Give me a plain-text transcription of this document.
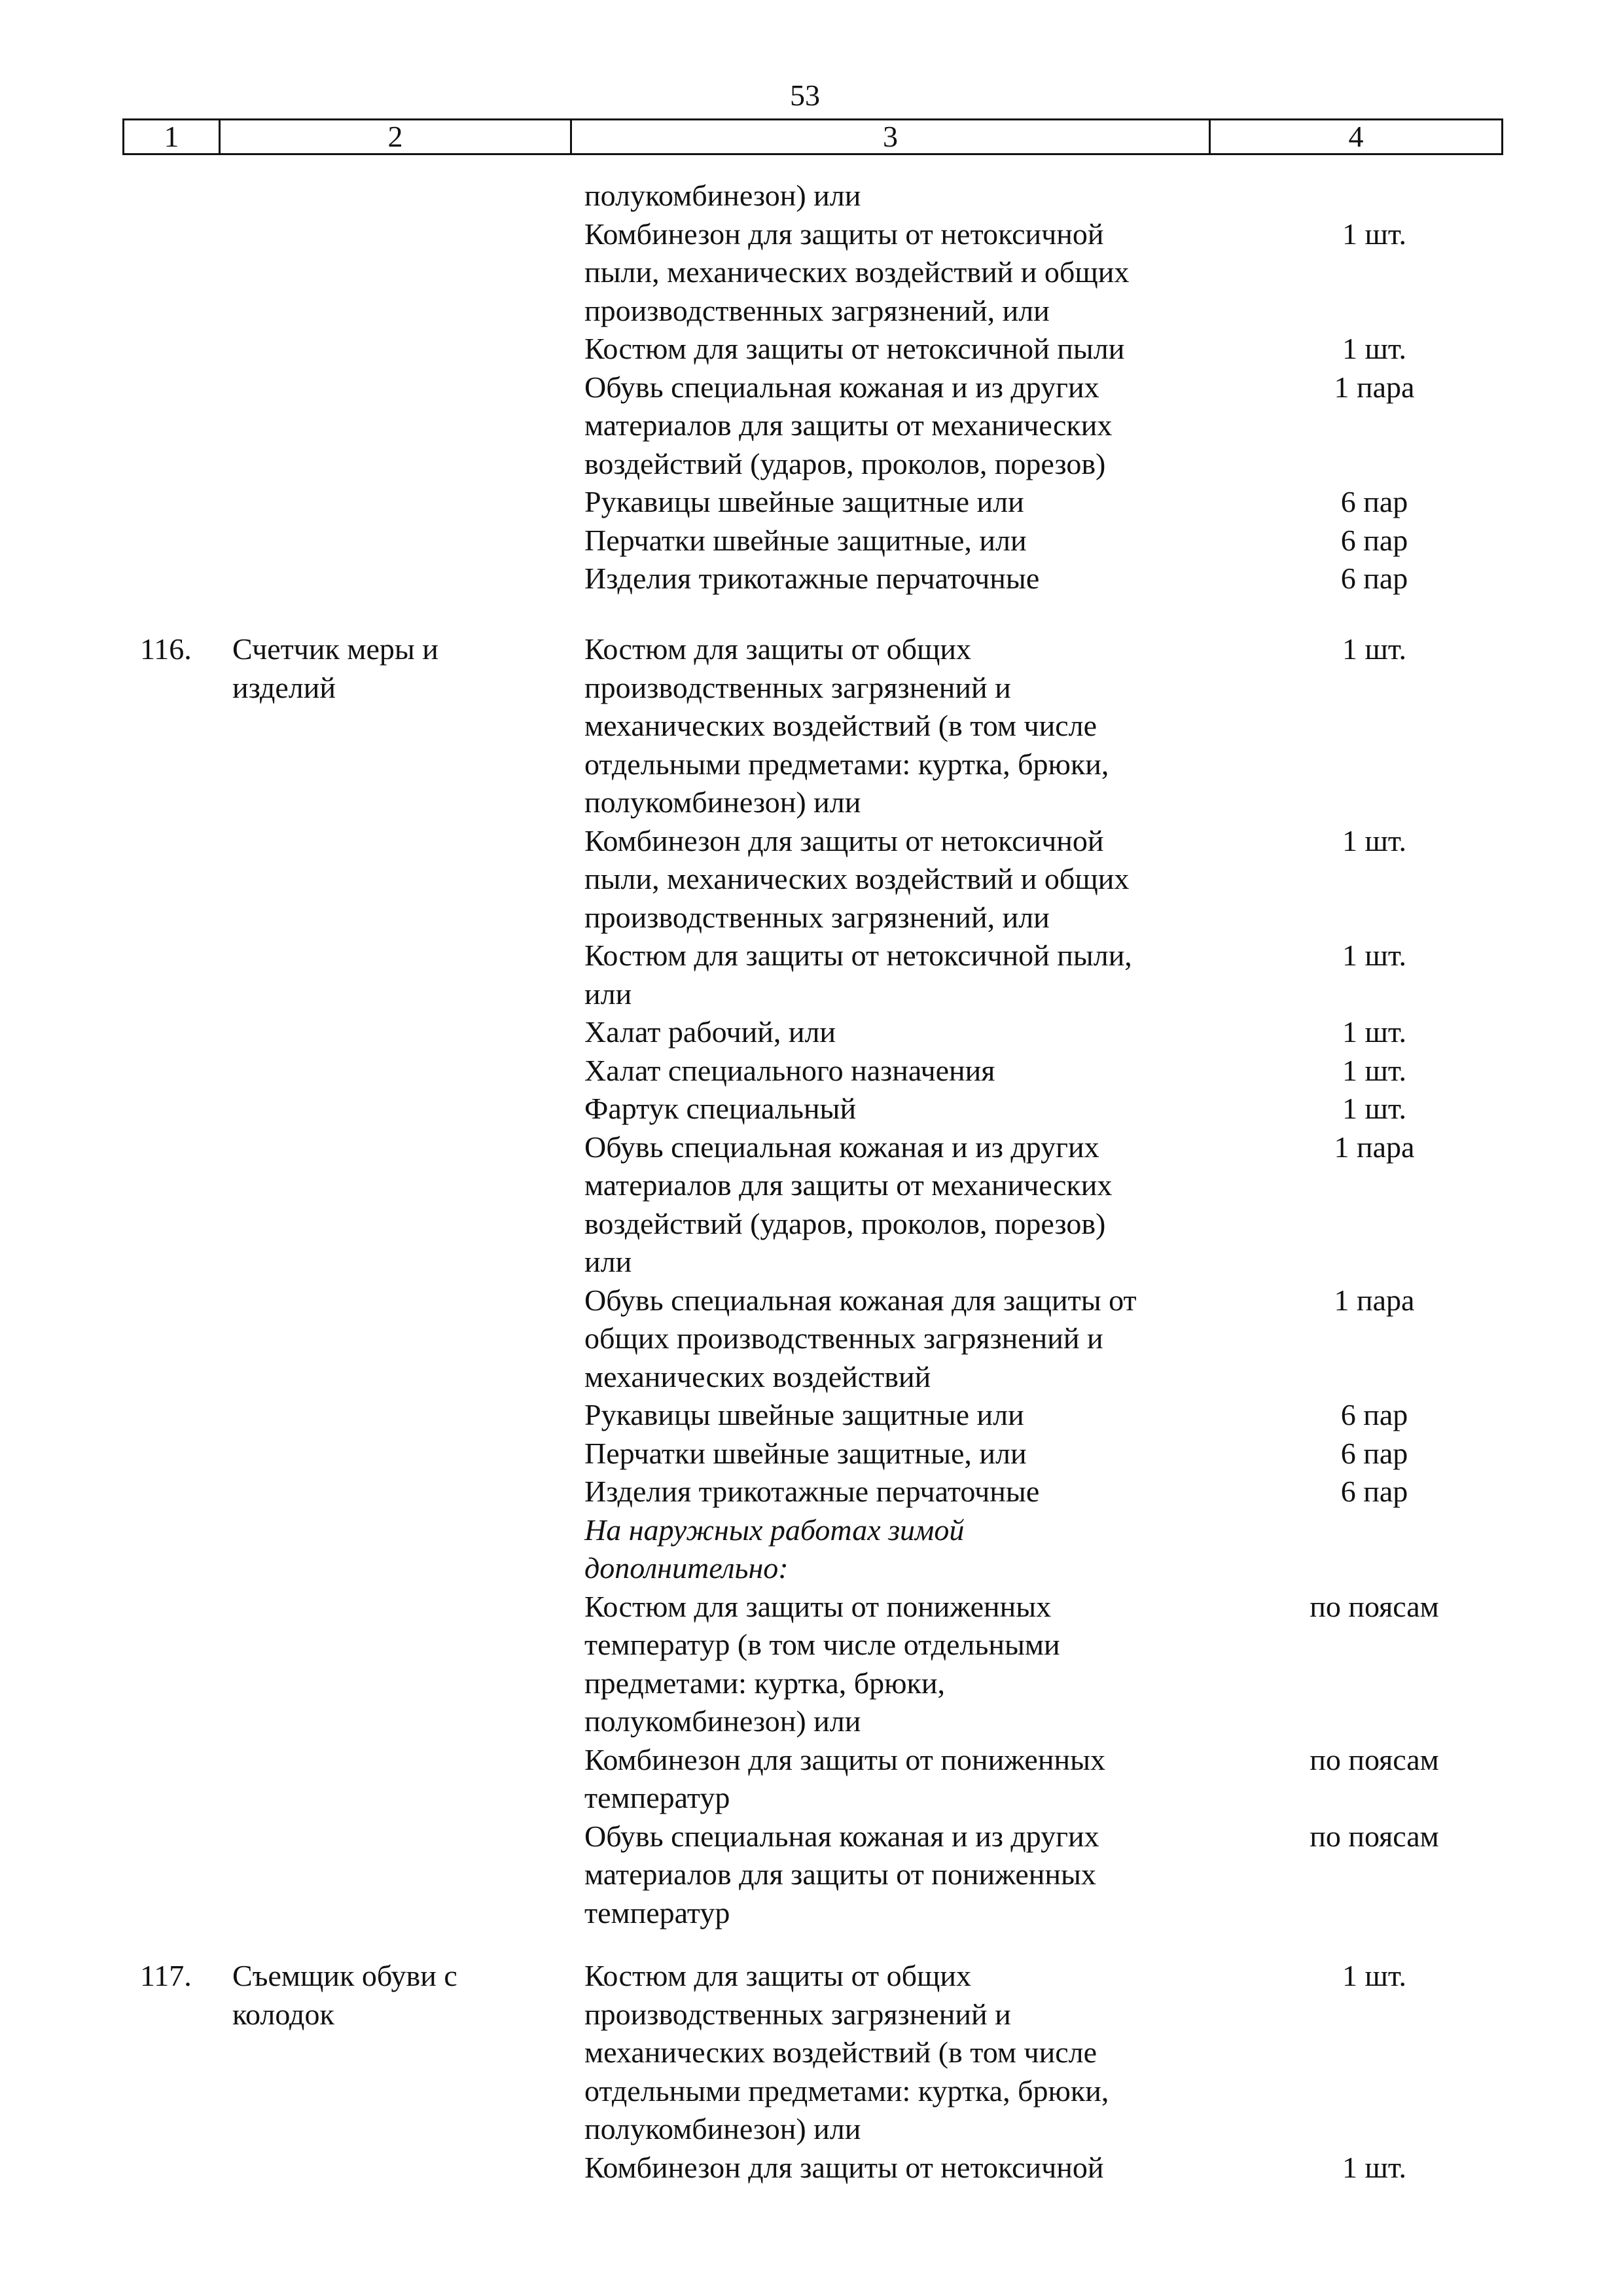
53
1	2	3	4
полукомбинезон) или
Комбинезон для защиты от нетоксичной	1 шт.
пыли, механических воздействий и общих
производственных загрязнений, или
Костюм для защиты от нетоксичной пыли	1 шт.
Обувь специальная кожаная и из других	1 пара
материалов для защиты от механических
воздействий (ударов, проколов, порезов)
Рукавицы швейные защитные или	6 пар
Перчатки швейные защитные, или	6 пар
Изделия трикотажные перчаточные	6 пар
116. Счетчик меры и
изделий
Костюм для защиты от общих	1 шт.
производственных загрязнений и
механических воздействий (в том числе
отдельными предметами: куртка, брюки,
полукомбинезон) или
Комбинезон для защиты от нетоксичной	1 шт.
пыли, механических воздействий и общих
производственных загрязнений, или
Костюм для защиты от нетоксичной пыли,	1 шт.
или
Халат рабочий, или	1 шт.
Халат специального назначения	1 шт.
Фартук специальный	1 шт.
Обувь специальная кожаная и из других	1 пара
материалов для защиты от механических
воздействий (ударов, проколов, порезов)
или
Обувь специальная кожаная для защиты от	1 пара
общих производственных загрязнений и
механических воздействий
Рукавицы швейные защитные или	6 пар
Перчатки швейные защитные, или	6 пар
Изделия трикотажные перчаточные	6 пар
На наружных работах зимой
дополнительно:
Костюм для защиты от пониженных	по поясам
температур (в том числе отдельными
предметами: куртка, брюки,
полукомбинезон) или
Комбинезон для защиты от пониженных	по поясам
температур
Обувь специальная кожаная и из других	по поясам
материалов для защиты от пониженных
температур
117. Съемщик обуви с
колодок
Костюм для защиты от общих	1 шт.
производственных загрязнений и
механических воздействий (в том числе
отдельными предметами: куртка, брюки,
полукомбинезон) или
Комбинезон для защиты от нетоксичной	1 шт.
